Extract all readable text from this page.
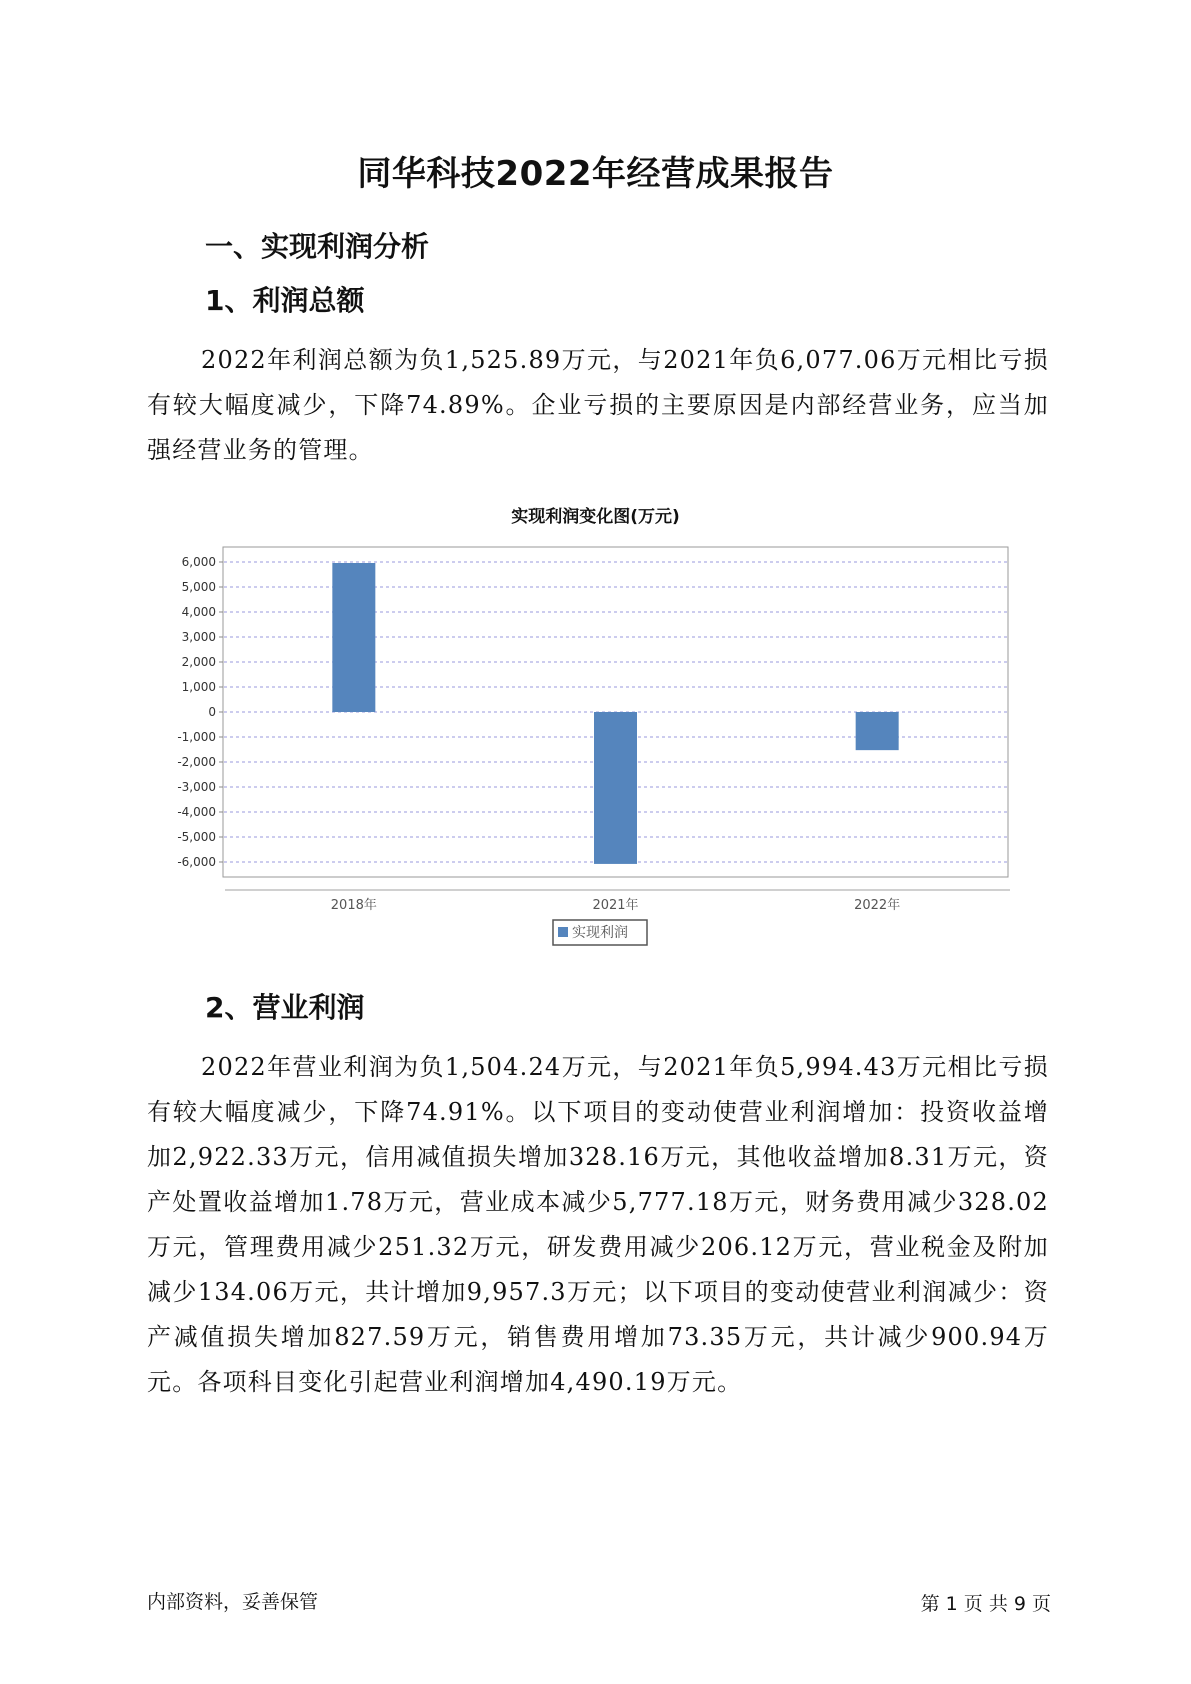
同华科技2022年经营成果报告
一、实现利润分析
1、利润总额

2022年利润总额为负1,525.89万元，与2021年负6,077.06万元相比亏损有较大幅度减少，下降74.89%。企业亏损的主要原因是内部经营业务，应当加强经营业务的管理。

实现利润变化图(万元)
6,000
5,000
4,000
3,000
2,000
1,000
0
-1,000
-2,000
-3,000
-4,000
-5,000
-6,000
2018年	2021年	2022年
实现利润
2、营业利润

2022年营业利润为负1,504.24万元，与2021年负5,994.43万元相比亏损有较大幅度减少，下降74.91%。以下项目的变动使营业利润增加：投资收益增加2,922.33万元，信用减值损失增加328.16万元，其他收益增加8.31万元，资产处置收益增加1.78万元，营业成本减少5,777.18万元，财务费用减少328.02万元，管理费用减少251.32万元，研发费用减少206.12万元，营业税金及附加减少134.06万元，共计增加9,957.3万元；以下项目的变动使营业利润减少：资产减值损失增加827.59万元，销售费用增加73.35万元，共计减少900.94万元。各项科目变化引起营业利润增加4,490.19万元。

内部资料，妥善保管	第 1 页 共 9 页
